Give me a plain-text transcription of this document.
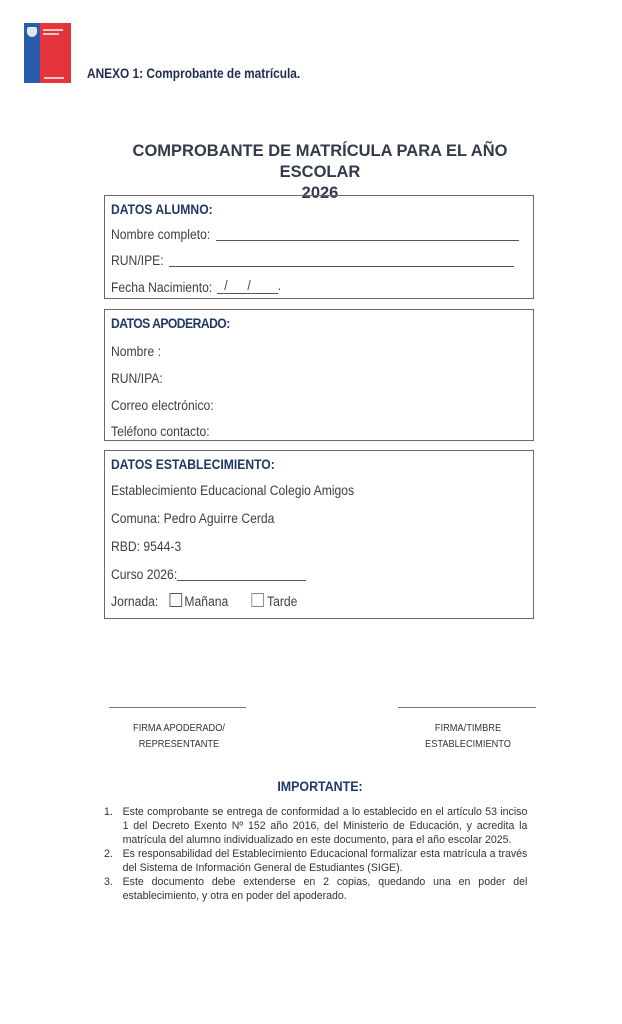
ANEXO 1: Comprobante de matrícula.
COMPROBANTE DE MATRÍCULA PARA EL AÑO ESCOLAR
2026
DATOS ALUMNO:
Nombre completo:
RUN/IPE:
Fecha Nacimiento: / / .
DATOS APODERADO:
Nombre :
RUN/IPA:
Correo electrónico:
Teléfono contacto:
DATOS ESTABLECIMIENTO:
Establecimiento Educacional Colegio Amigos
Comuna: Pedro Aguirre Cerda
RBD: 9544-3
Curso 2026:
Jornada: Mañana	Tarde
FIRMA APODERADO/
REPRESENTANTE
FIRMA/TIMBRE
ESTABLECIMIENTO
IMPORTANTE:
1. Este comprobante se entrega de conformidad a lo establecido en el artículo 53 inciso 1 del Decreto Exento Nº 152 año 2016, del Ministerio de Educación, y acredita la matrícula del alumno individualizado en este documento, para el año escolar 2025.
2. Es responsabilidad del Establecimiento Educacional formalizar esta matrícula a través del Sistema de Información General de Estudiantes (SIGE).
3. Este documento debe extenderse en 2 copias, quedando una en poder del establecimiento, y otra en poder del apoderado.
